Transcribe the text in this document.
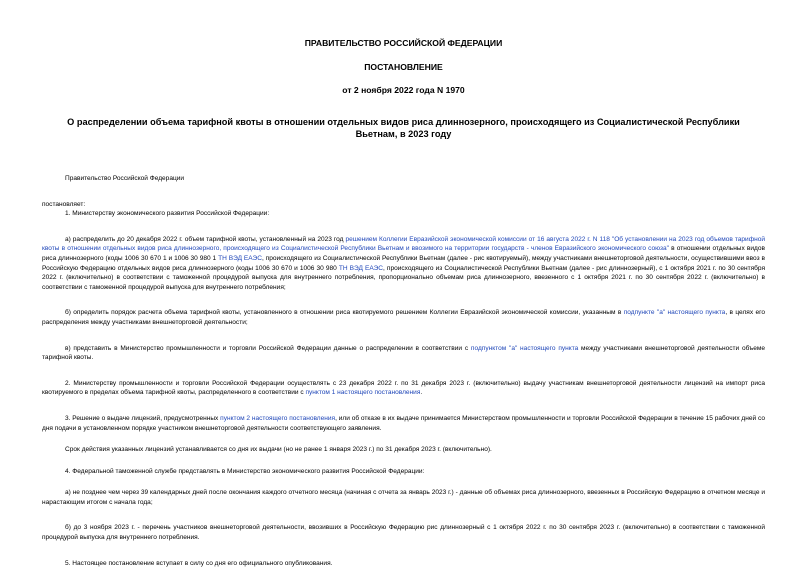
ПРАВИТЕЛЬСТВО РОССИЙСКОЙ ФЕДЕРАЦИИ
ПОСТАНОВЛЕНИЕ
от 2 ноября 2022 года N 1970
О распределении объема тарифной квоты в отношении отдельных видов риса длиннозерного, происходящего из Социалистической Республики Вьетнам, в 2023 году

Правительство Российской Федерации

постановляет:

1. Министерству экономического развития Российской Федерации:

а) распределить до 20 декабря 2022 г. объем тарифной квоты, установленный на 2023 год решением Коллегии Евразийской экономической комиссии от 16 августа 2022 г. N 118 "Об установлении на 2023 год объемов тарифной квоты в отношении отдельных видов риса длиннозерного, происходящего из Социалистической Республики Вьетнам и ввозимого на территории государств - членов Евразийского экономического союза" в отношении отдельных видов риса длиннозерного (коды 1006 30 670 1 и 1006 30 980 1 ТН ВЭД ЕАЭС, происходящего из Социалистической Республики Вьетнам (далее - рис квотируемый), между участниками внешнеторговой деятельности, осуществившими ввоз в Российскую Федерацию отдельных видов риса длиннозерного (коды 1006 30 670 и 1006 30 980 ТН ВЭД ЕАЭС, происходящего из Социалистической Республики Вьетнам (далее - рис длиннозерный), с 1 октября 2021 г. по 30 сентября 2022 г. (включительно) в соответствии с таможенной процедурой выпуска для внутреннего потребления, пропорционально объемам риса длиннозерного, ввезенного с 1 октября 2021 г. по 30 сентября 2022 г. (включительно) в соответствии с таможенной процедурой выпуска для внутреннего потребления;

б) определить порядок расчета объема тарифной квоты, установленного в отношении риса квотируемого решением Коллегии Евразийской экономической комиссии, указанным в подпункте "а" настоящего пункта, в целях его распределения между участниками внешнеторговой деятельности;

в) представить в Министерство промышленности и торговли Российской Федерации данные о распределении в соответствии с подпунктом "а" настоящего пункта между участниками внешнеторговой деятельности объеме тарифной квоты.

2. Министерству промышленности и торговли Российской Федерации осуществлять с 23 декабря 2022 г. по 31 декабря 2023 г. (включительно) выдачу участникам внешнеторговой деятельности лицензий на импорт риса квотируемого в пределах объема тарифной квоты, распределенного в соответствии с пунктом 1 настоящего постановления.

3. Решение о выдаче лицензий, предусмотренных пунктом 2 настоящего постановления, или об отказе в их выдаче принимается Министерством промышленности и торговли Российской Федерации в течение 15 рабочих дней со дня подачи в установленном порядке участником внешнеторговой деятельности соответствующего заявления.

Срок действия указанных лицензий устанавливается со дня их выдачи (но не ранее 1 января 2023 г.) по 31 декабря 2023 г. (включительно).

4. Федеральной таможенной службе представлять в Министерство экономического развития Российской Федерации:

а) не позднее чем через 39 календарных дней после окончания каждого отчетного месяца (начиная с отчета за январь 2023 г.) - данные об объемах риса длиннозерного, ввезенных в Российскую Федерацию в отчетном месяце и нарастающим итогом с начала года;

б) до 3 ноября 2023 г. - перечень участников внешнеторговой деятельности, ввозивших в Российскую Федерацию рис длиннозерный с 1 октября 2022 г. по 30 сентября 2023 г. (включительно) в соответствии с таможенной процедурой выпуска для внутреннего потребления.

5. Настоящее постановление вступает в силу со дня его официального опубликования.
